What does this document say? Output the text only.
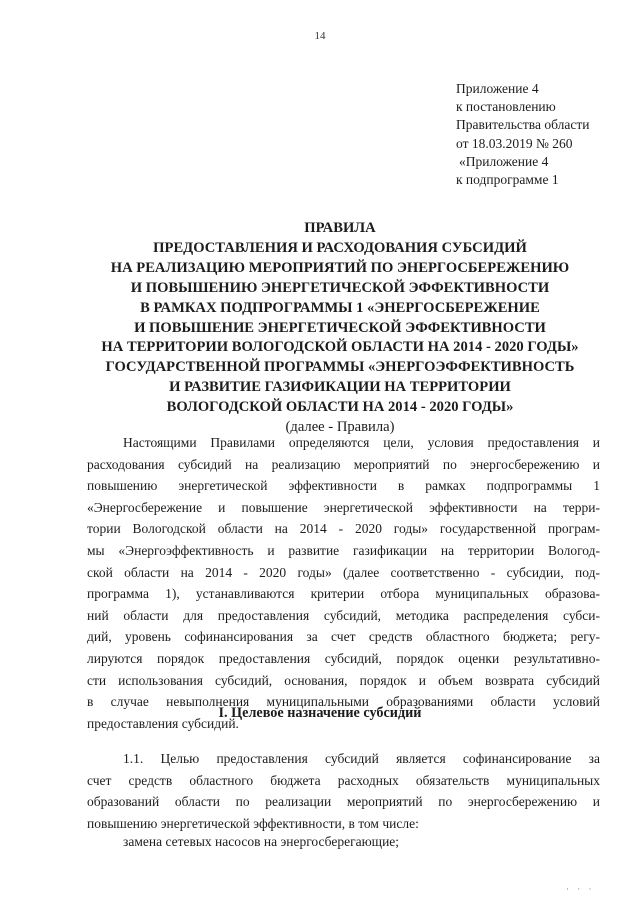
14
Приложение 4
к постановлению
Правительства области
от 18.03.2019 № 260
«Приложение 4
к подпрограмме 1
ПРАВИЛА
ПРЕДОСТАВЛЕНИЯ И РАСХОДОВАНИЯ СУБСИДИЙ
НА РЕАЛИЗАЦИЮ МЕРОПРИЯТИЙ ПО ЭНЕРГОСБЕРЕЖЕНИЮ
И ПОВЫШЕНИЮ ЭНЕРГЕТИЧЕСКОЙ ЭФФЕКТИВНОСТИ
В РАМКАХ ПОДПРОГРАММЫ 1 «ЭНЕРГОСБЕРЕЖЕНИЕ
И ПОВЫШЕНИЕ ЭНЕРГЕТИЧЕСКОЙ ЭФФЕКТИВНОСТИ
НА ТЕРРИТОРИИ ВОЛОГОДСКОЙ ОБЛАСТИ НА 2014 - 2020 ГОДЫ»
ГОСУДАРСТВЕННОЙ ПРОГРАММЫ «ЭНЕРГОЭФФЕКТИВНОСТЬ
И РАЗВИТИЕ ГАЗИФИКАЦИИ НА ТЕРРИТОРИИ
ВОЛОГОДСКОЙ ОБЛАСТИ НА 2014 - 2020 ГОДЫ»
(далее - Правила)
Настоящими Правилами определяются цели, условия предоставления и
расходования субсидий на реализацию мероприятий по энергосбережению и
повышению энергетической эффективности в рамках подпрограммы 1
«Энергосбережение и повышение энергетической эффективности на терри-
тории Вологодской области на 2014 - 2020 годы» государственной програм-
мы «Энергоэффективность и развитие газификации на территории Вологод-
ской области на 2014 - 2020 годы» (далее соответственно - субсидии, под-
программа 1), устанавливаются критерии отбора муниципальных образова-
ний области для предоставления субсидий, методика распределения субси-
дий, уровень софинансирования за счет средств областного бюджета; регу-
лируются порядок предоставления субсидий, порядок оценки результативно-
сти использования субсидий, основания, порядок и объем возврата субсидий
в случае невыполнения муниципальными образованиями области условий
предоставления субсидий.
I. Целевое назначение субсидий
1.1. Целью предоставления субсидий является софинансирование за
счет средств областного бюджета расходных обязательств муниципальных
образований области по реализации мероприятий по энергосбережению и
повышению энергетической эффективности, в том числе:
замена сетевых насосов на энергосберегающие;
· · ·
